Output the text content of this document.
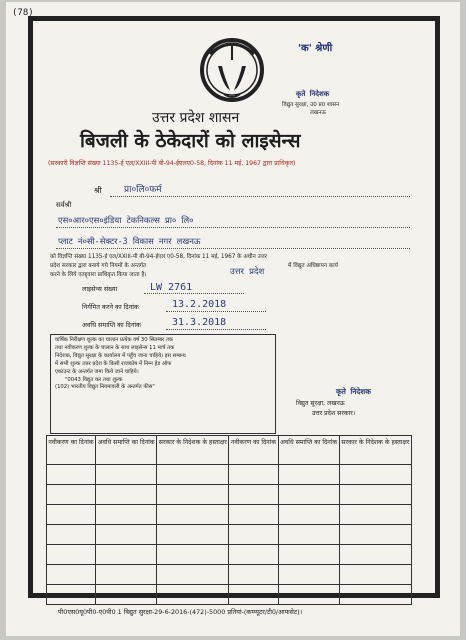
(78)
'क' श्रेणी
कृते निदेशक
विद्युत सुरक्षा, उ0 प्र0 शासन
लखनऊ
उत्तर प्रदेश शासन
बिजली के ठेकेदारों को लाइसेन्स
(सरकारी विज्ञप्ति संख्या 1135-ई एल/XXIII-पी बी-94-ईएलए0-58, दिनांक 11 मई, 1967 द्वारा प्राधिकृत)
श्री प्रा०लि०फर्म
सर्वश्री
एस०आर०एस०इंडिया टेकनिकल्स प्रा० लि०
प्लाट नं०सी-सेक्टर-3 विकास नगर लखनऊ
को विज्ञप्ति संख्या 1135-ई एल/XXIII-पी बी-94-ईएल ए0-58, दिनांक 11 मई, 1967 के अधीन उत्तर
प्रदेश सरकार द्वारा बनाये गये नियमों के अन्तर्गत	में विद्युत अधिष्ठापन कार्य
करने के लिये एतद्द्वारा प्राधिकृत किया जाता है।	उत्तर प्रदेश
लाइसेन्स संख्या	LW 2761
निर्गमित करने का दिनांक	13.2.2018
अवधि समाप्ति का दिनांक	31.3.2018
वार्षिक निरीक्षण शुल्क का चालान प्रत्येक वर्ष 30 सितम्बर तक
तथा नवीकरण शुल्क के चालान के साथ लाइसेन्स 11 मार्च तक
निदेशक, विद्युत सुरक्षा के कार्यालय में पहुँच जाना चाहिये। इस सम्बन्ध
में सभी शुल्क उत्तर प्रदेश के किसी राजकोष में निम्न हेड ऑफ
एकाउन्ट के अन्तर्गत जमा किये जाने चाहिये।
"0043 विद्युत कर तथा शुल्क
(102) भारतीय विद्युत नियमावली के अन्तर्गत फीस"	कृते निदेशक
विद्युत सुरक्षा, लखनऊ
उत्तर प्रदेश सरकार।
नवीकरण का दिनांक	अवधि समाप्ति का दिनांक	सरकार के निदेशक के हस्ताक्षर	नवीकरण का दिनांक	अवधि समाप्ति का दिनांक	सरकार के निदेशक के हस्ताक्षर

पी0एस0यू0पी0-ए0पी0 1 विद्युत सुरक्षा-29-6-2016-(472)-5000 प्रतियां-(कम्प्यूटर/टी0/आफसेट)।
